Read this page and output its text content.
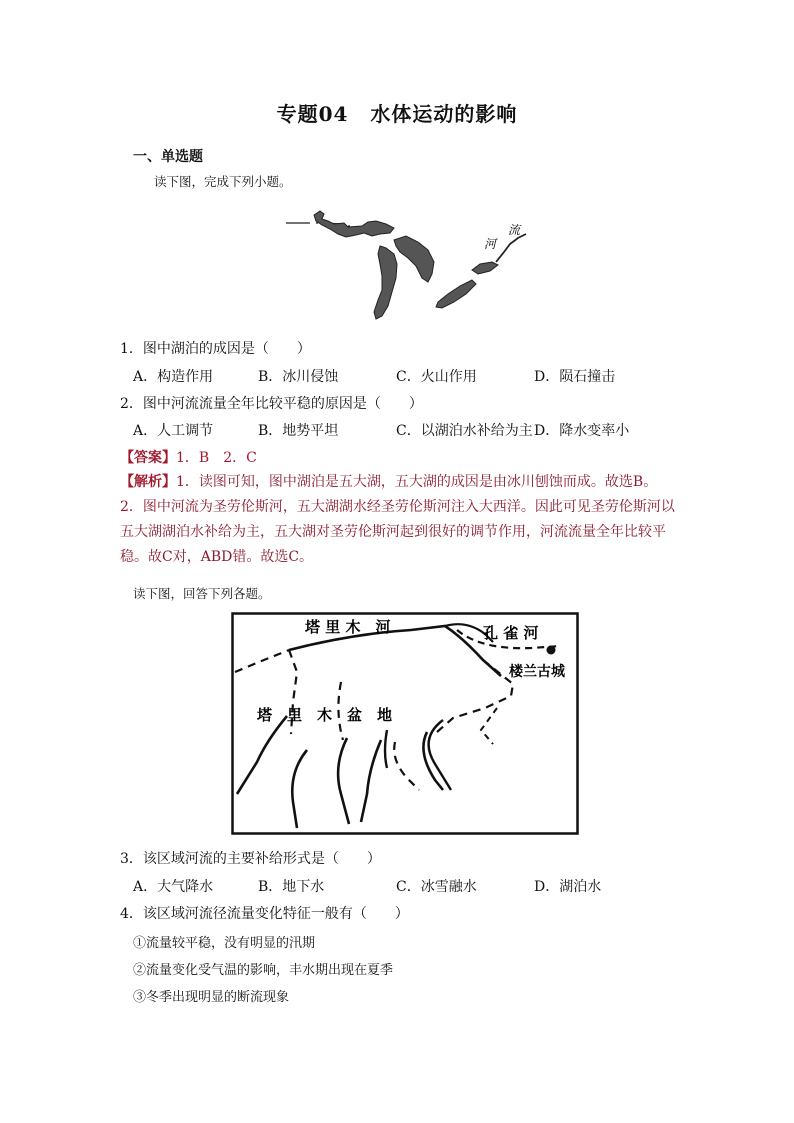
专题04 水体运动的影响
一、单选题
读下图，完成下列小题。
河
流
1．图中湖泊的成因是（　　）
A．构造作用	B．冰川侵蚀	C．火山作用	D．陨石撞击
2．图中河流流量全年比较平稳的原因是（　　）
A．人工调节	B．地势平坦	C．以湖泊水补给为主 D．降水变率小
【答案】1．B　2．C
【解析】1．读图可知，图中湖泊是五大湖，五大湖的成因是由冰川刨蚀而成。故选B。
2．图中河流为圣劳伦斯河，五大湖湖水经圣劳伦斯河注入大西洋。因此可见圣劳伦斯河以五大湖湖泊水补给为主，五大湖对圣劳伦斯河起到很好的调节作用，河流流量全年比较平稳。故C对，ABD错。故选C。
读下图，回答下列各题。
塔 里 木　河	孔 雀 河
楼兰古城
塔　里　木　盆　地
3．该区域河流的主要补给形式是（　　）
A．大气降水	B．地下水	C．冰雪融水	D．湖泊水
4．该区域河流径流量变化特征一般有（　　）
①流量较平稳，没有明显的汛期
②流量变化受气温的影响，丰水期出现在夏季
③冬季出现明显的断流现象
